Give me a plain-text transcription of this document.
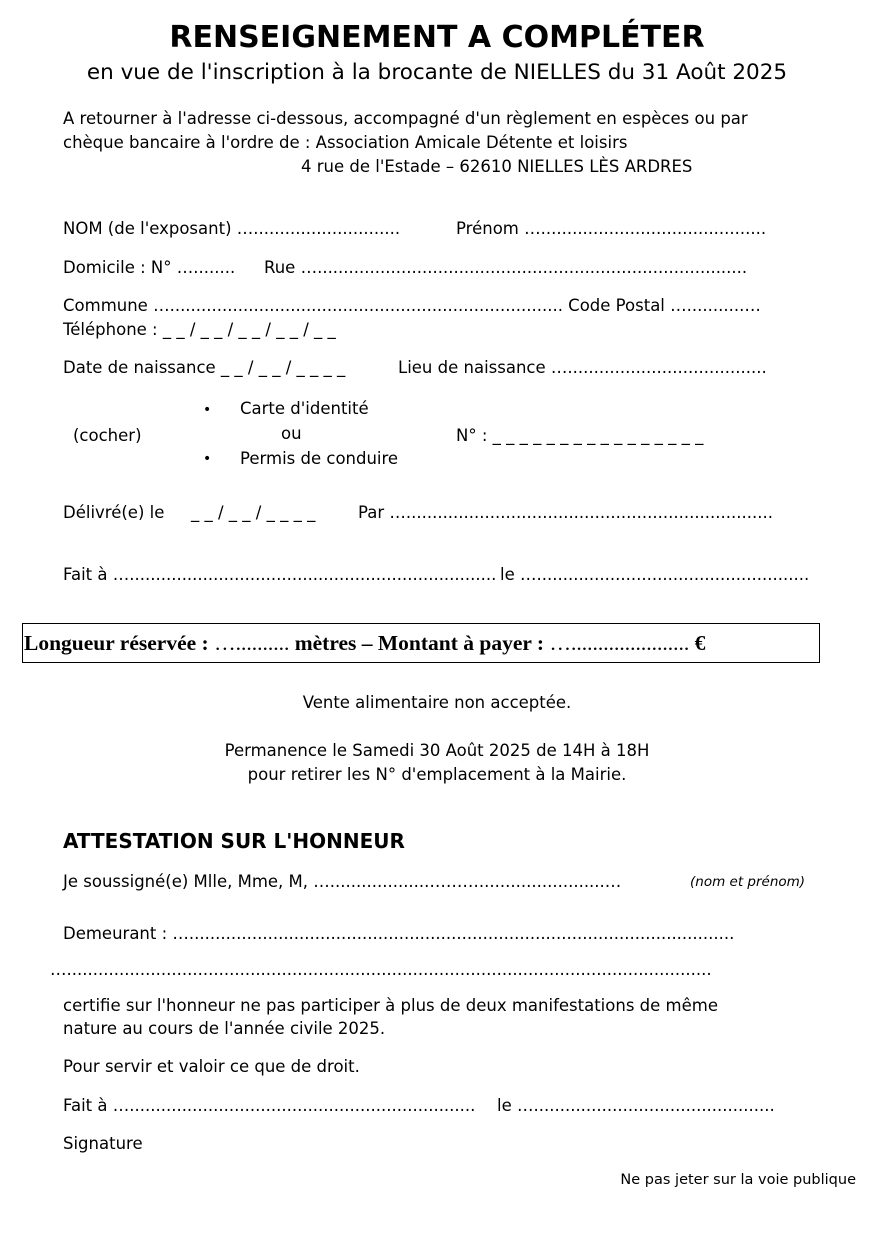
RENSEIGNEMENT A COMPLÉTER
en vue de l'inscription à la brocante de NIELLES du 31 Août 2025
A retourner à l'adresse ci-dessous, accompagné d'un règlement en espèces ou par
chèque bancaire à l'ordre de : Association Amicale Détente et loisirs
4 rue de l'Estade – 62610 NIELLES LÈS ARDRES
NOM (de l'exposant) …............................	Prénom …...........................................
Domicile : N° …........ Rue …..................................................................................
Commune …........................................................................... Code Postal …...........…
Téléphone : _ _ / _ _ / _ _ / _ _ / _ _
Date de naissance _ _ / _ _ / _ _ _ _	Lieu de naissance …......................................
• Carte d'identité
ou
(cocher)	N° : _ _ _ _ _ _ _ _ _ _ _ _ _ _ _ _
• Permis de conduire
Délivré(e) le _ _ / _ _ / _ _ _ _	Par …......................................................................
Fait à …...................................................................... le …....................................................
Longueur réservée : ….......... mètres – Montant à payer : …...................... €
Vente alimentaire non acceptée.
Permanence le Samedi 30 Août 2025 de 14H à 18H
pour retirer les N° d'emplacement à la Mairie.
ATTESTATION SUR L'HONNEUR
Je soussigné(e) Mlle, Mme, M, …...................………........................…	(nom et prénom)
Demeurant : …........................................................................................................
…...........................................................................................................................
certifie sur l'honneur ne pas participer à plus de deux manifestations de même
nature au cours de l'année civile 2025.
Pour servir et valoir ce que de droit.
Fait à ….................................................................. le …..............................................
Signature
Ne pas jeter sur la voie publique
